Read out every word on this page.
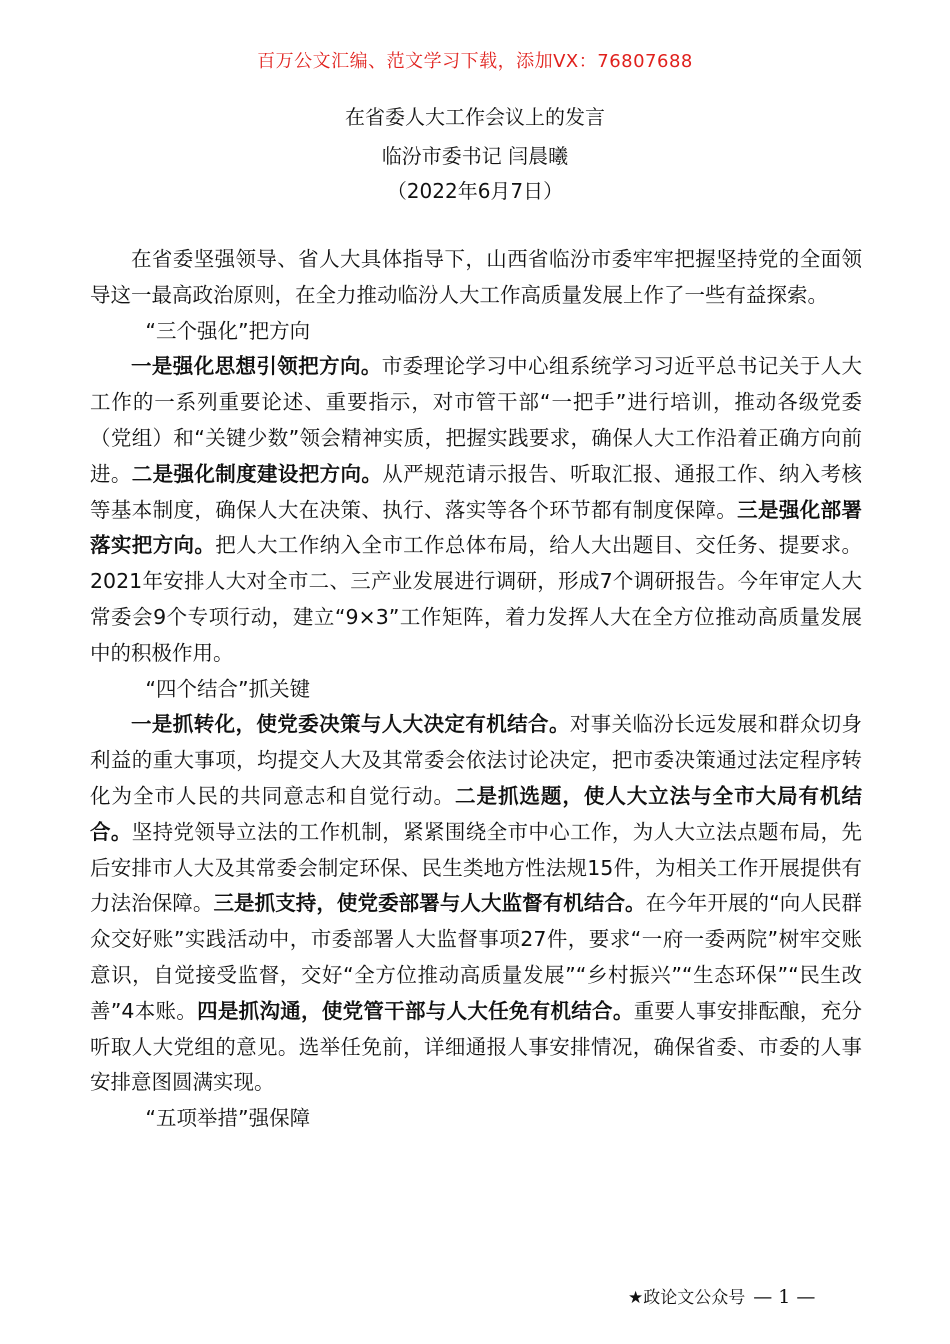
百万公文汇编、范文学习下载，添加VX：76807688
在省委人大工作会议上的发言
临汾市委书记 闫晨曦
（2022年6月7日）

在省委坚强领导、省人大具体指导下，山西省临汾市委牢牢把握坚持党的全面领导这一最高政治原则，在全力推动临汾人大工作高质量发展上作了一些有益探索。

“三个强化”把方向

一是强化思想引领把方向。市委理论学习中心组系统学习习近平总书记关于人大工作的一系列重要论述、重要指示，对市管干部“一把手”进行培训，推动各级党委（党组）和“关键少数”领会精神实质，把握实践要求，确保人大工作沿着正确方向前进。二是强化制度建设把方向。从严规范请示报告、听取汇报、通报工作、纳入考核等基本制度，确保人大在决策、执行、落实等各个环节都有制度保障。三是强化部署落实把方向。把人大工作纳入全市工作总体布局，给人大出题目、交任务、提要求。2021年安排人大对全市二、三产业发展进行调研，形成7个调研报告。今年审定人大常委会9个专项行动，建立“9×3”工作矩阵，着力发挥人大在全方位推动高质量发展中的积极作用。

“四个结合”抓关键

一是抓转化，使党委决策与人大决定有机结合。对事关临汾长远发展和群众切身利益的重大事项，均提交人大及其常委会依法讨论决定，把市委决策通过法定程序转化为全市人民的共同意志和自觉行动。二是抓选题，使人大立法与全市大局有机结合。坚持党领导立法的工作机制，紧紧围绕全市中心工作，为人大立法点题布局，先后安排市人大及其常委会制定环保、民生类地方性法规15件，为相关工作开展提供有力法治保障。三是抓支持，使党委部署与人大监督有机结合。在今年开展的“向人民群众交好账”实践活动中，市委部署人大监督事项27件，要求“一府一委两院”树牢交账意识，自觉接受监督，交好“全方位推动高质量发展”“乡村振兴”“生态环保”“民生改善”4本账。四是抓沟通，使党管干部与人大任免有机结合。重要人事安排酝酿，充分听取人大党组的意见。选举任免前，详细通报人事安排情况，确保省委、市委的人事安排意图圆满实现。

“五项举措”强保障

★政论文公众号 — 1 —
